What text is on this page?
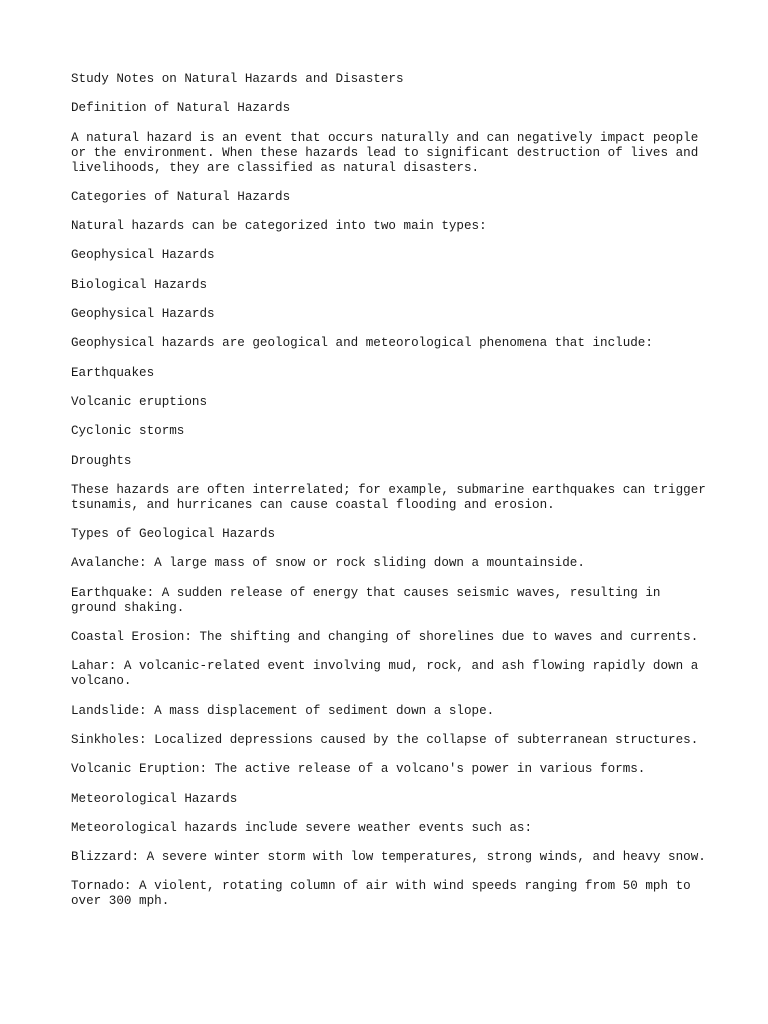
Study Notes on Natural Hazards and Disasters

Definition of Natural Hazards

A natural hazard is an event that occurs naturally and can negatively impact people or the environment. When these hazards lead to significant destruction of lives and livelihoods, they are classified as natural disasters.

Categories of Natural Hazards

Natural hazards can be categorized into two main types:

Geophysical Hazards

Biological Hazards

Geophysical Hazards

Geophysical hazards are geological and meteorological phenomena that include:

Earthquakes

Volcanic eruptions

Cyclonic storms

Droughts

These hazards are often interrelated; for example, submarine earthquakes can trigger tsunamis, and hurricanes can cause coastal flooding and erosion.

Types of Geological Hazards

Avalanche: A large mass of snow or rock sliding down a mountainside.

Earthquake: A sudden release of energy that causes seismic waves, resulting in ground shaking.

Coastal Erosion: The shifting and changing of shorelines due to waves and currents.

Lahar: A volcanic-related event involving mud, rock, and ash flowing rapidly down a volcano.

Landslide: A mass displacement of sediment down a slope.

Sinkholes: Localized depressions caused by the collapse of subterranean structures.

Volcanic Eruption: The active release of a volcano's power in various forms.

Meteorological Hazards

Meteorological hazards include severe weather events such as:

Blizzard: A severe winter storm with low temperatures, strong winds, and heavy snow.

Tornado: A violent, rotating column of air with wind speeds ranging from 50 mph to over 300 mph.
